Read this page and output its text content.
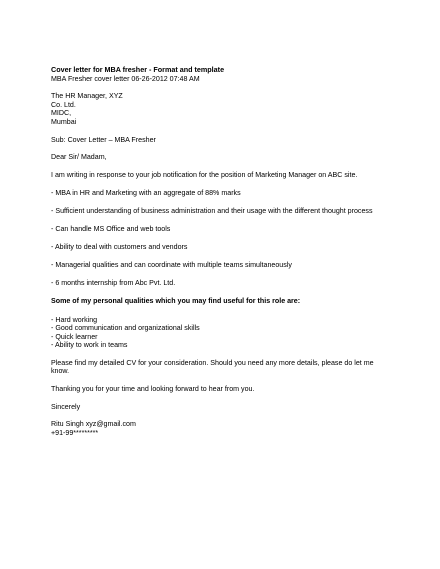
Cover letter for MBA fresher - Format and template
MBA Fresher cover letter 06-26-2012 07:48 AM
The HR Manager, XYZ
Co. Ltd.
MIDC,
Mumbai
Sub: Cover Letter – MBA Fresher
Dear Sir/ Madam,
I am writing in response to your job notification for the position of Marketing Manager on ABC site.
- MBA in HR and Marketing with an aggregate of 88% marks
- Sufficient understanding of business administration and their usage with the different thought process
- Can handle MS Office and web tools
- Ability to deal with customers and vendors
- Managerial qualities and can coordinate with multiple teams simultaneously
- 6 months internship from Abc Pvt. Ltd.
Some of my personal qualities which you may find useful for this role are:
- Hard working
- Good communication and organizational skills
- Quick learner
- Ability to work in teams
Please find my detailed CV for your consideration. Should you need any more details, please do let me know.
Thanking you for your time and looking forward to hear from you.
Sincerely
Ritu Singh xyz@gmail.com
+91-99*********
